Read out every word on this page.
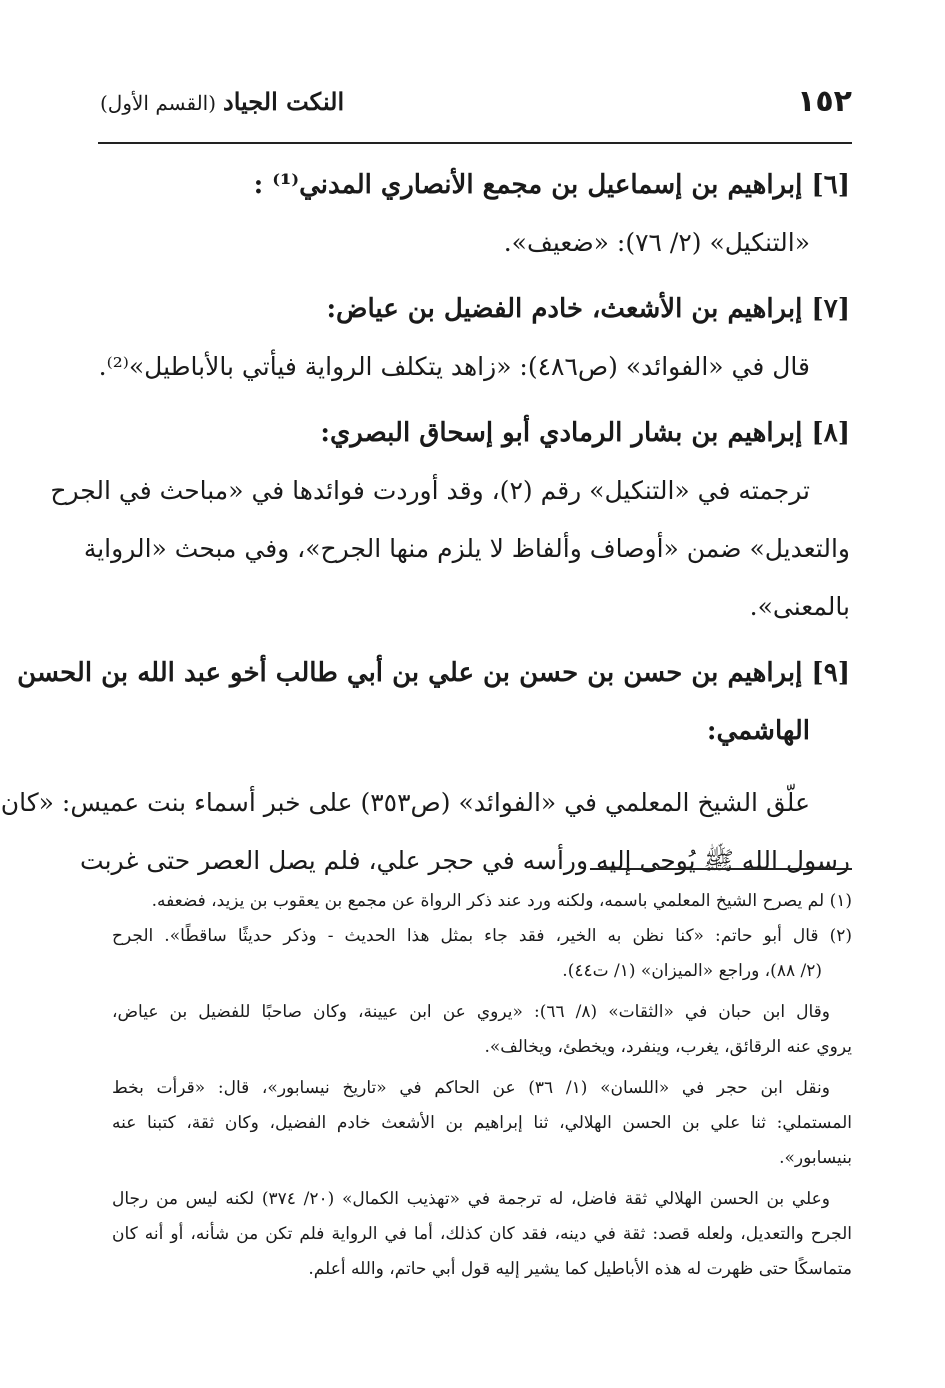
١٥٢
النكت الجياد (القسم الأول)
[٦] إبراهيم بن إسماعيل بن مجمع الأنصاري المدني⁽¹⁾ :
«التنكيل» (٢/ ٧٦): «ضعيف».
[٧] إبراهيم بن الأشعث، خادم الفضيل بن عياض:
قال في «الفوائد» (ص٤٨٦): «زاهد يتكلف الرواية فيأتي بالأباطيل»⁽²⁾.
[٨] إبراهيم بن بشار الرمادي أبو إسحاق البصري:
ترجمته في «التنكيل» رقم (٢)، وقد أوردت فوائدها في «مباحث في الجرح
والتعديل» ضمن «أوصاف وألفاظ لا يلزم منها الجرح»، وفي مبحث «الرواية
بالمعنى».
[٩] إبراهيم بن حسن بن حسن بن علي بن أبي طالب أخو عبد الله بن الحسن
الهاشمي:
علّق الشيخ المعلمي في «الفوائد» (ص٣٥٣) على خبر أسماء بنت عميس: «كان
رسول الله ﷺ يُوحى إليه ورأسه في حجر علي، فلم يصل العصر حتى غربت
(١) لم يصرح الشيخ المعلمي باسمه، ولكنه ورد عند ذكر الرواة عن مجمع بن يعقوب بن يزيد، فضعفه.
(٢) قال أبو حاتم: «كنا نظن به الخير، فقد جاء بمثل هذا الحديث - وذكر حديثًا ساقطًا». الجرح
(٢/ ٨٨)، وراجع «الميزان» (١/ ت٤٤).
وقال ابن حبان في «الثقات» (٨/ ٦٦): «يروي عن ابن عيينة، وكان صاحبًا للفضيل بن عياض،
يروي عنه الرقائق، يغرب، وينفرد، ويخطئ، ويخالف».
ونقل ابن حجر في «اللسان» (١/ ٣٦) عن الحاكم في «تاريخ نيسابور»، قال: «قرأت بخط
المستملي: ثنا علي بن الحسن الهلالي، ثنا إبراهيم بن الأشعث خادم الفضيل، وكان ثقة، كتبنا عنه
بنيسابور».
وعلي بن الحسن الهلالي ثقة فاضل، له ترجمة في «تهذيب الكمال» (٢٠/ ٣٧٤) لكنه ليس من رجال
الجرح والتعديل، ولعله قصد: ثقة في دينه، فقد كان كذلك، أما في الرواية فلم تكن من شأنه، أو أنه كان
متماسكًا حتى ظهرت له هذه الأباطيل كما يشير إليه قول أبي حاتم، والله أعلم.
